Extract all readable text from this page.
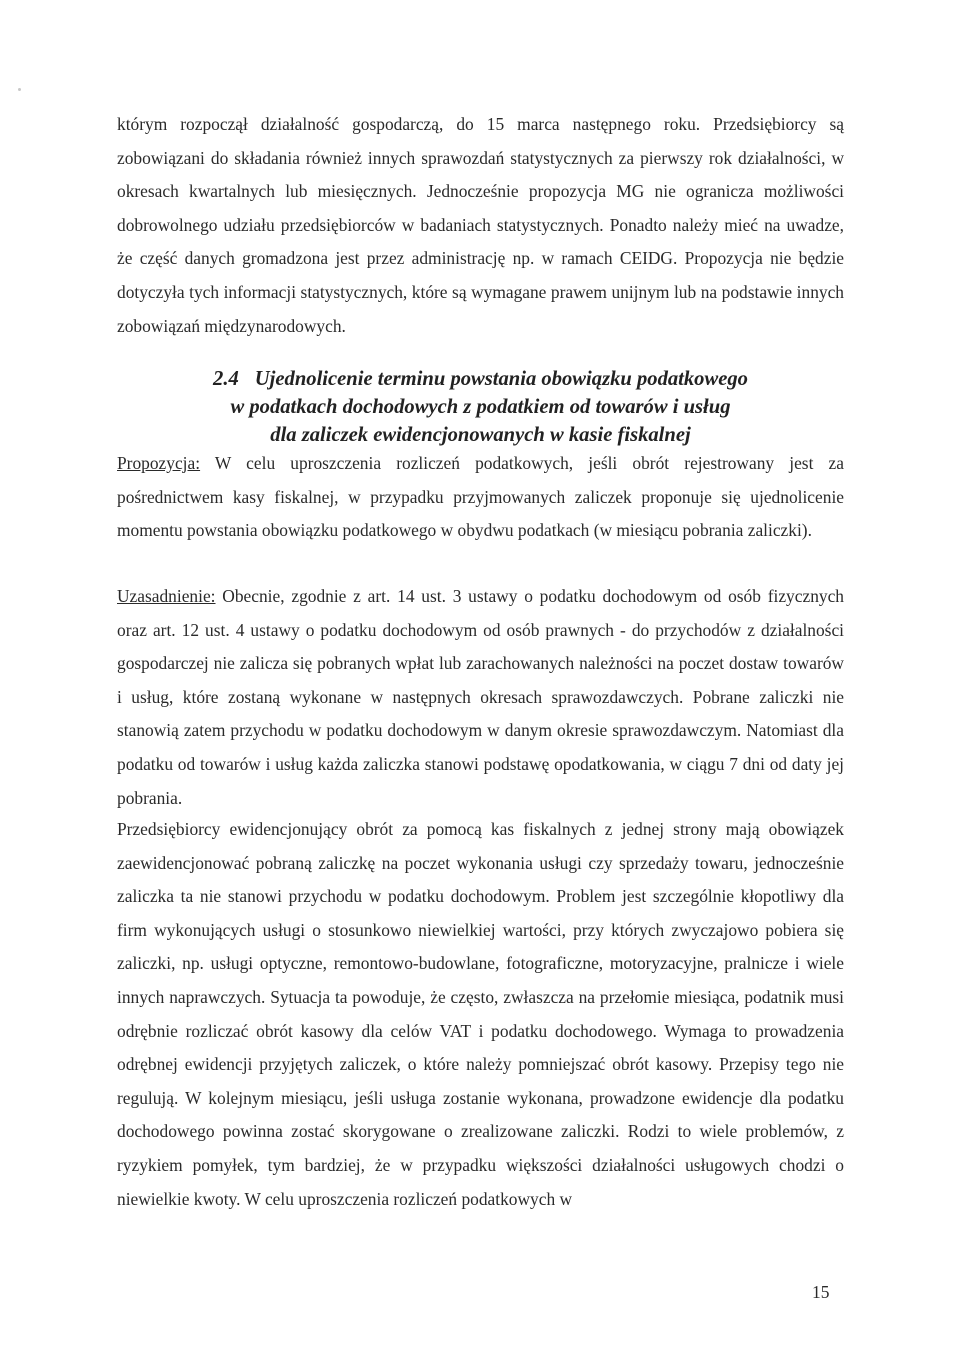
którym rozpoczął działalność gospodarczą, do 15 marca następnego roku. Przedsiębiorcy są zobowiązani do składania również innych sprawozdań statystycznych za pierwszy rok działalności, w okresach kwartalnych lub miesięcznych. Jednocześnie propozycja MG nie ogranicza możliwości dobrowolnego udziału przedsiębiorców w badaniach statystycznych. Ponadto należy mieć na uwadze, że część danych gromadzona jest przez administrację np. w ramach CEIDG. Propozycja nie będzie dotyczyła tych informacji statystycznych, które są wymagane prawem unijnym lub na podstawie innych zobowiązań międzynarodowych.

2.4 Ujednolicenie terminu powstania obowiązku podatkowego
w podatkach dochodowych z podatkiem od towarów i usług
dla zaliczek ewidencjonowanych w kasie fiskalnej

Propozycja: W celu uproszczenia rozliczeń podatkowych, jeśli obrót rejestrowany jest za pośrednictwem kasy fiskalnej, w przypadku przyjmowanych zaliczek proponuje się ujednolicenie momentu powstania obowiązku podatkowego w obydwu podatkach (w miesiącu pobrania zaliczki).

Uzasadnienie: Obecnie, zgodnie z art. 14 ust. 3 ustawy o podatku dochodowym od osób fizycznych oraz art. 12 ust. 4 ustawy o podatku dochodowym od osób prawnych - do przychodów z działalności gospodarczej nie zalicza się pobranych wpłat lub zarachowanych należności na poczet dostaw towarów i usług, które zostaną wykonane w następnych okresach sprawozdawczych. Pobrane zaliczki nie stanowią zatem przychodu w podatku dochodowym w danym okresie sprawozdawczym. Natomiast dla podatku od towarów i usług każda zaliczka stanowi podstawę opodatkowania, w ciągu 7 dni od daty jej pobrania.

Przedsiębiorcy ewidencjonujący obrót za pomocą kas fiskalnych z jednej strony mają obowiązek zaewidencjonować pobraną zaliczkę na poczet wykonania usługi czy sprzedaży towaru, jednocześnie zaliczka ta nie stanowi przychodu w podatku dochodowym. Problem jest szczególnie kłopotliwy dla firm wykonujących usługi o stosunkowo niewielkiej wartości, przy których zwyczajowo pobiera się zaliczki, np. usługi optyczne, remontowo-budowlane, fotograficzne, motoryzacyjne, pralnicze i wiele innych naprawczych. Sytuacja ta powoduje, że często, zwłaszcza na przełomie miesiąca, podatnik musi odrębnie rozliczać obrót kasowy dla celów VAT i podatku dochodowego. Wymaga to prowadzenia odrębnej ewidencji przyjętych zaliczek, o które należy pomniejszać obrót kasowy. Przepisy tego nie regulują. W kolejnym miesiącu, jeśli usługa zostanie wykonana, prowadzone ewidencje dla podatku dochodowego powinna zostać skorygowane o zrealizowane zaliczki. Rodzi to wiele problemów, z ryzykiem pomyłek, tym bardziej, że w przypadku większości działalności usługowych chodzi o niewielkie kwoty. W celu uproszczenia rozliczeń podatkowych w

15
